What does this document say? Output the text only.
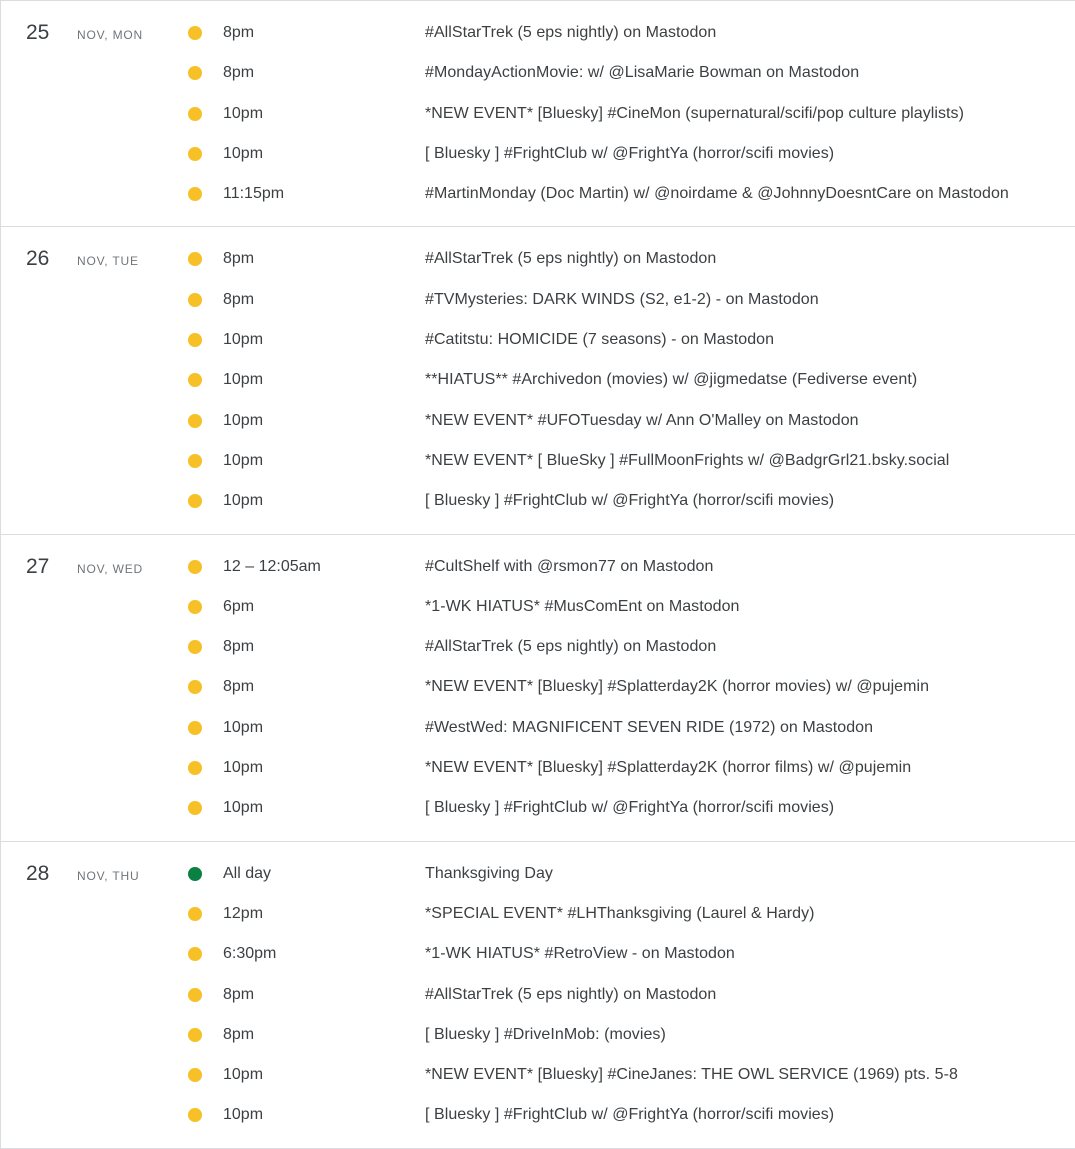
25 NOV, MON	8pm	#AllStarTrek (5 eps nightly) on Mastodon
8pm	#MondayActionMovie: w/ @LisaMarie Bowman on Mastodon
10pm	*NEW EVENT* [Bluesky] #CineMon (supernatural/scifi/pop culture playlists)
10pm	[ Bluesky ] #FrightClub w/ @FrightYa (horror/scifi movies)
11:15pm	#MartinMonday (Doc Martin) w/ @noirdame & @JohnnyDoesntCare on Mastodon
26 NOV, TUE	8pm	#AllStarTrek (5 eps nightly) on Mastodon
8pm	#TVMysteries: DARK WINDS (S2, e1-2) - on Mastodon
10pm	#Catitstu: HOMICIDE (7 seasons) - on Mastodon
10pm	**HIATUS** #Archivedon (movies) w/ @jigmedatse (Fediverse event)
10pm	*NEW EVENT* #UFOTuesday w/ Ann O'Malley on Mastodon
10pm	*NEW EVENT* [ BlueSky ] #FullMoonFrights w/ @BadgrGrl21.bsky.social
10pm	[ Bluesky ] #FrightClub w/ @FrightYa (horror/scifi movies)
27 NOV, WED	12 – 12:05am	#CultShelf with @rsmon77 on Mastodon
6pm	*1-WK HIATUS* #MusComEnt on Mastodon
8pm	#AllStarTrek (5 eps nightly) on Mastodon
8pm	*NEW EVENT* [Bluesky] #Splatterday2K (horror movies) w/ @pujemin
10pm	#WestWed: MAGNIFICENT SEVEN RIDE (1972) on Mastodon
10pm	*NEW EVENT* [Bluesky] #Splatterday2K (horror films) w/ @pujemin
10pm	[ Bluesky ] #FrightClub w/ @FrightYa (horror/scifi movies)
28 NOV, THU	All day	Thanksgiving Day
12pm	*SPECIAL EVENT* #LHThanksgiving (Laurel & Hardy)
6:30pm	*1-WK HIATUS* #RetroView - on Mastodon
8pm	#AllStarTrek (5 eps nightly) on Mastodon
8pm	[ Bluesky ] #DriveInMob: (movies)
10pm	*NEW EVENT* [Bluesky] #CineJanes: THE OWL SERVICE (1969) pts. 5-8
10pm	[ Bluesky ] #FrightClub w/ @FrightYa (horror/scifi movies)
